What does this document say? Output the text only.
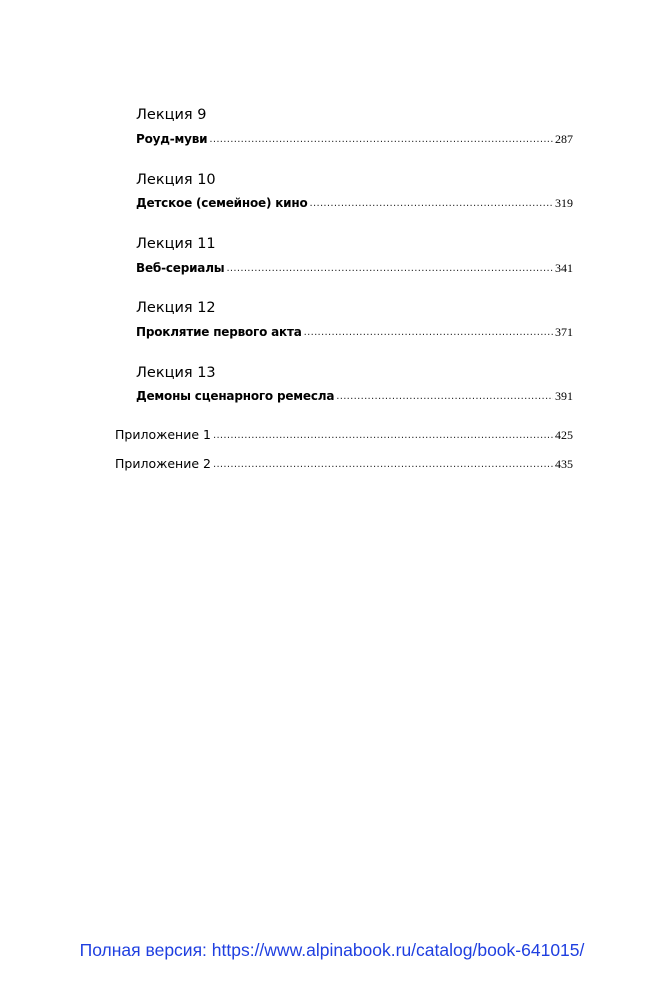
Лекция 9
Роуд-муви .....	287
Лекция 10
Детское (семейное) кино .....	319
Лекция 11
Веб-сериалы .....	341
Лекция 12
Проклятие первого акта .....	371
Лекция 13
Демоны сценарного ремесла .....	391
Приложение 1 .....	425
Приложение 2 .....	435
Полная версия: https://www.alpinabook.ru/catalog/book-641015/
